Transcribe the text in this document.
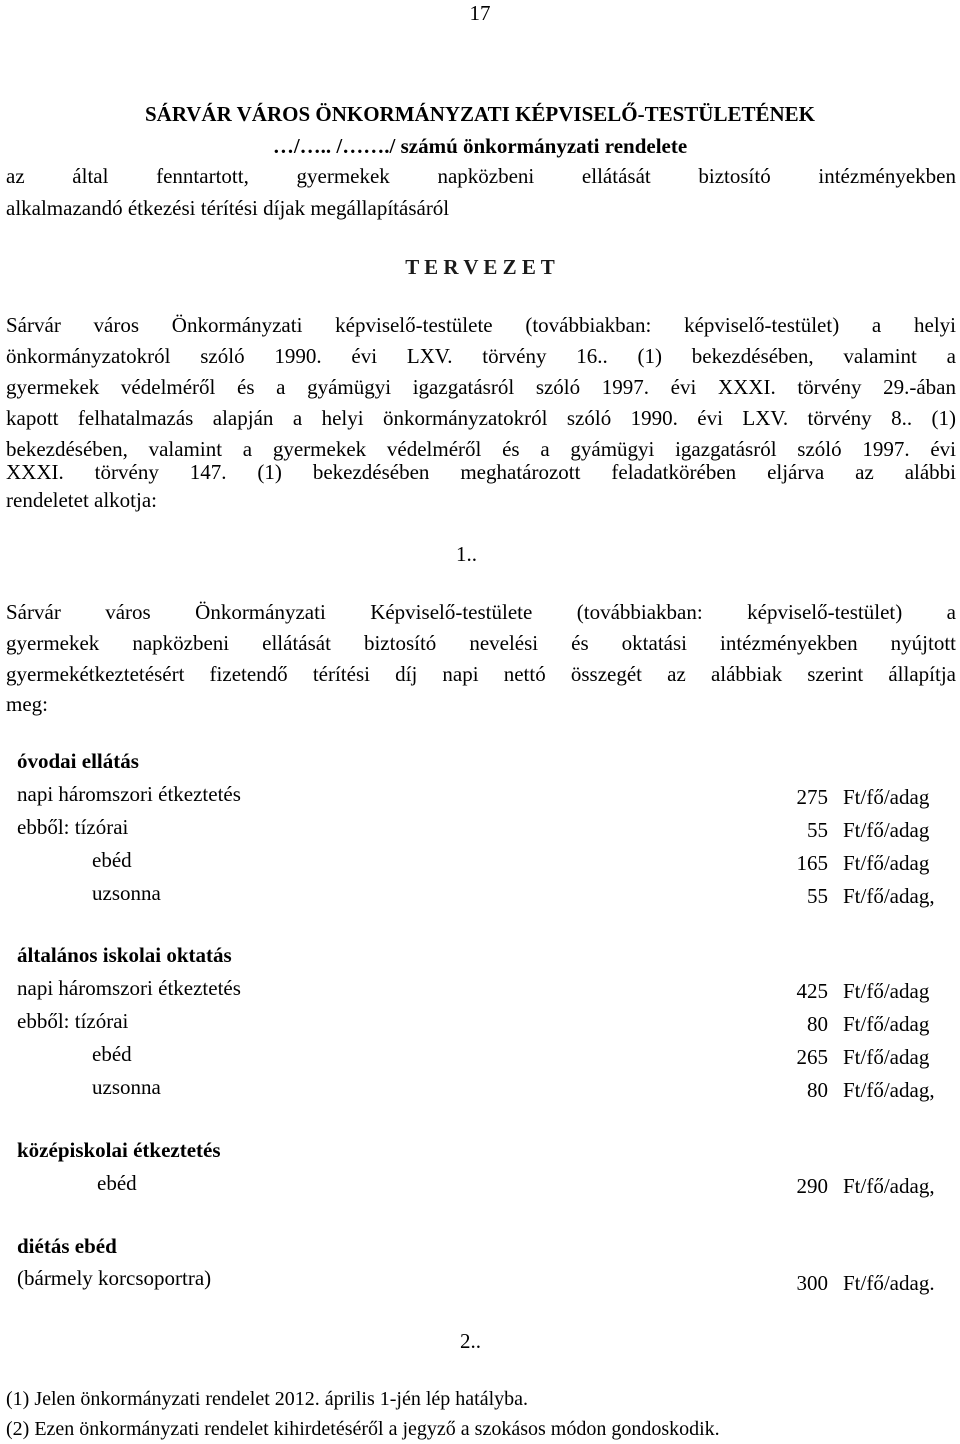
17
SÁRVÁR VÁROS ÖNKORMÁNYZATI KÉPVISELŐ-TESTÜLETÉNEK
…/….. /……./ számú önkormányzati rendelete
az által fenntartott, gyermekek napközbeni ellátását biztosító intézményekben
alkalmazandó étkezési térítési díjak megállapításáról
T E R V E Z E T
Sárvár város Önkormányzati képviselő-testülete (továbbiakban: képviselő-testület) a helyi
önkormányzatokról szóló 1990. évi LXV. törvény 16.. (1) bekezdésében, valamint a
gyermekek védelméről és a gyámügyi igazgatásról szóló 1997. évi XXXI. törvény 29.-ában
kapott felhatalmazás alapján a helyi önkormányzatokról szóló 1990. évi LXV. törvény 8.. (1)
bekezdésében, valamint a gyermekek védelméről és a gyámügyi igazgatásról szóló 1997. évi
XXXI. törvény 147. (1) bekezdésében meghatározott feladatkörében eljárva az alábbi
rendeletet alkotja:
1..
Sárvár város Önkormányzati Képviselő-testülete (továbbiakban: képviselő-testület) a
gyermekek napközbeni ellátását biztosító nevelési és oktatási intézményekben nyújtott
gyermekétkeztetésért fizetendő térítési díj napi nettó összegét az alábbiak szerint állapítja
meg:
óvodai ellátás
napi háromszori étkeztetés	275 Ft/fő/adag
ebből: tízórai	55 Ft/fő/adag
ebéd	165 Ft/fő/adag
uzsonna	55 Ft/fő/adag,
általános iskolai oktatás
napi háromszori étkeztetés	425 Ft/fő/adag
ebből: tízórai	80 Ft/fő/adag
ebéd	265 Ft/fő/adag
uzsonna	80 Ft/fő/adag,
középiskolai étkeztetés
ebéd	290 Ft/fő/adag,
diétás ebéd
(bármely korcsoportra)	300 Ft/fő/adag.
2..
(1) Jelen önkormányzati rendelet 2012. április 1-jén lép hatályba.
(2) Ezen önkormányzati rendelet kihirdetéséről a jegyző a szokásos módon gondoskodik.
